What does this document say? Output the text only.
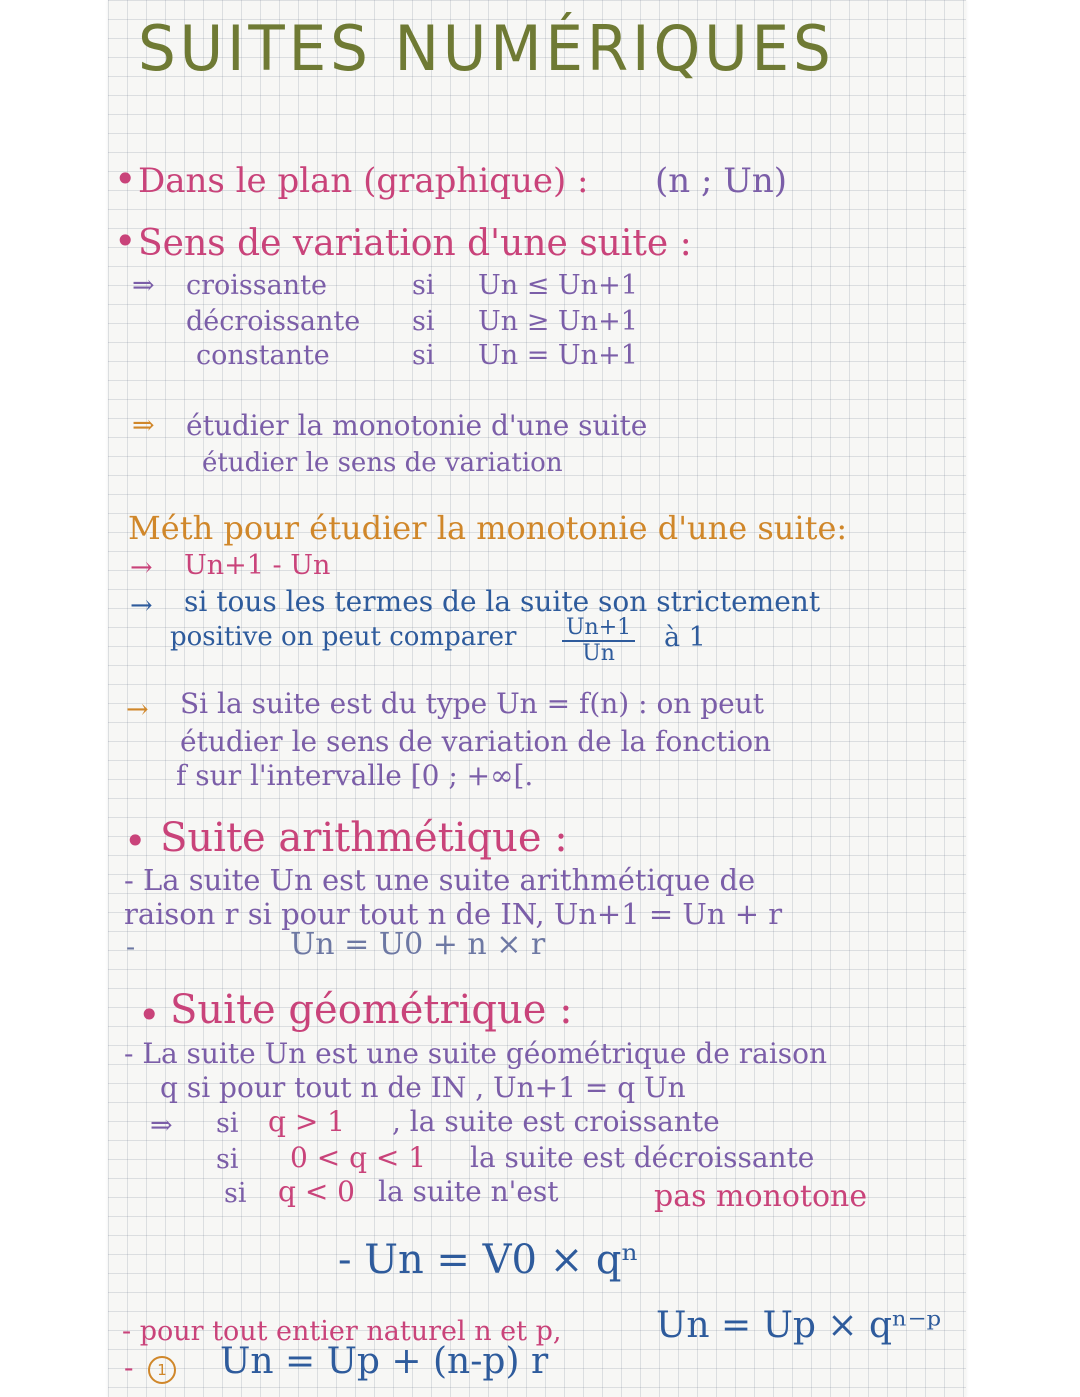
SUITES NUMÉRIQUES
• Dans le plan (graphique) : (n ; Un)
• Sens de variation d'une suite :
⇒ croissante	si Un ≤ Un+1
décroissante si Un ≥ Un+1
constante	si Un = Un+1
⇒ étudier la monotonie d'une suite
étudier le sens de variation
Méth pour étudier la monotonie d'une suite:
→ Un+1 - Un
→ si tous les termes de la suite son strictement
positive on peut comparer $\frac{Un+1}{Un}$ à 1
→ Si la suite est du type Un = f(n) : on peut
étudier le sens de variation de la fonction
f sur l'intervalle [0 ; +∞[.
• Suite arithmétique :
- La suite Un est une suite arithmétique de
raison r si pour tout n de IN, Un+1 = Un + r
-	Un = U0 + n × r
• Suite géométrique :
- La suite Un est une suite géométrique de raison
q si pour tout n de IN , Un+1 = q Un
⇒ si q > 1 , la suite est croissante
si 0 < q < 1 la suite est décroissante
si q < 0 la suite n'est	pas monotone
- Un = V0 × qⁿ
- pour tout entier naturel n et p,	Un = Up × qⁿ⁻ᵖ
-	1 Un = Up + (n-p) r
